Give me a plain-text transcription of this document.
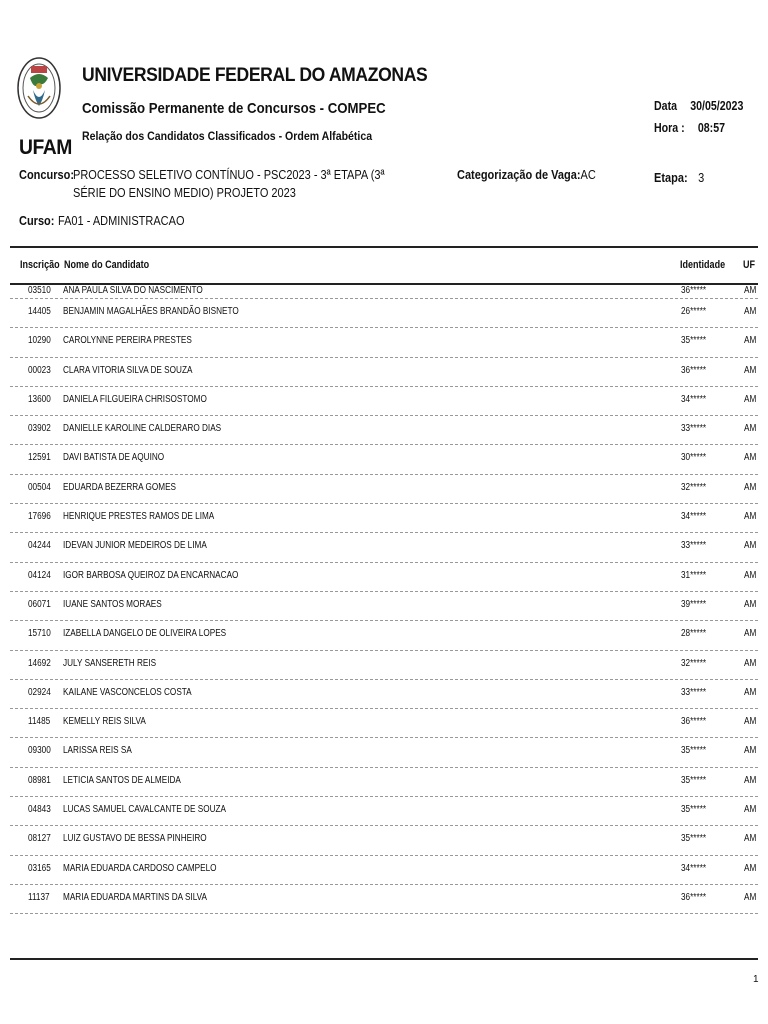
UFAM
UNIVERSIDADE FEDERAL DO AMAZONAS
Comissão Permanente de Concursos - COMPEC
Relação dos Candidatos Classificados - Ordem Alfabética
Data 30/05/2023
Hora : 08:57
Concurso: PROCESSO SELETIVO CONTÍNUO - PSC2023 - 3ª ETAPA (3ª SÉRIE DO ENSINO MEDIO) PROJETO 2023
Categorização de Vaga:AC	Etapa: 3
Curso: FA01 - ADMINISTRACAO
Inscrição Nome do Candidato	Identidade UF
03510 ANA PAULA SILVA DO NASCIMENTO	36*****	AM
14405 BENJAMIN MAGALHÃES BRANDÃO BISNETO	26*****	AM
10290 CAROLYNNE PEREIRA PRESTES	35*****	AM
00023 CLARA VITORIA SILVA DE SOUZA	36*****	AM
13600 DANIELA FILGUEIRA CHRISOSTOMO	34*****	AM
03902 DANIELLE KAROLINE CALDERARO DIAS	33*****	AM
12591 DAVI BATISTA DE AQUINO	30*****	AM
00504 EDUARDA BEZERRA GOMES	32*****	AM
17696 HENRIQUE PRESTES RAMOS DE LIMA	34*****	AM
04244 IDEVAN JUNIOR MEDEIROS DE LIMA	33*****	AM
04124 IGOR BARBOSA QUEIROZ DA ENCARNACAO	31*****	AM
06071 IUANE SANTOS MORAES	39*****	AM
15710 IZABELLA DANGELO DE OLIVEIRA LOPES	28*****	AM
14692 JULY SANSERETH REIS	32*****	AM
02924 KAILANE VASCONCELOS COSTA	33*****	AM
11485 KEMELLY REIS SILVA	36*****	AM
09300 LARISSA REIS SA	35*****	AM
08981 LETICIA SANTOS DE ALMEIDA	35*****	AM
04843 LUCAS SAMUEL CAVALCANTE DE SOUZA	35*****	AM
08127 LUIZ GUSTAVO DE BESSA PINHEIRO	35*****	AM
03165 MARIA EDUARDA CARDOSO CAMPELO	34*****	AM
11137 MARIA EDUARDA MARTINS DA SILVA	36*****	AM
1
